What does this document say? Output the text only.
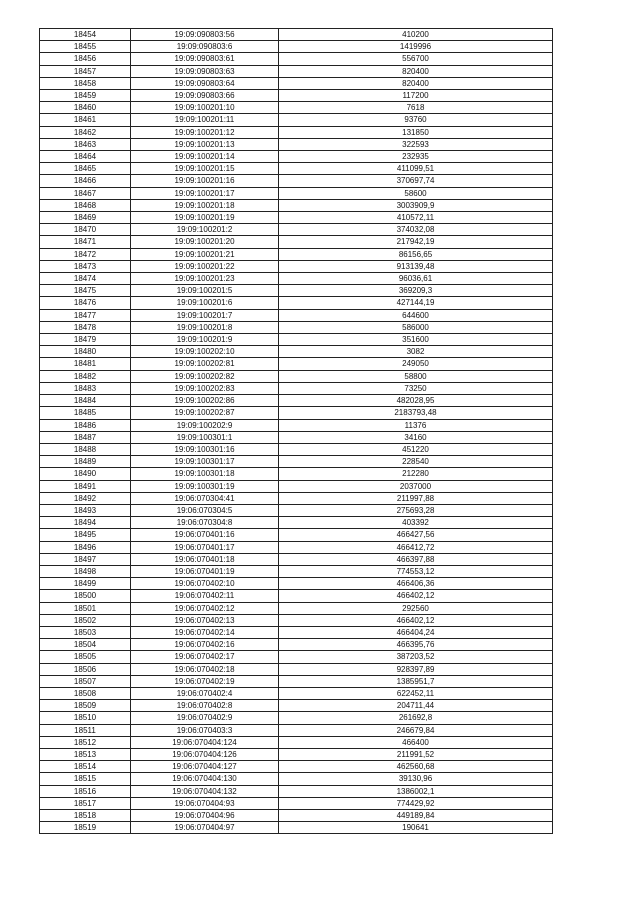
18454	19:09:090803:56	410200
18455	19:09:090803:6	1419996
18456	19:09:090803:61	556700
18457	19:09:090803:63	820400
18458	19:09:090803:64	820400
18459	19:09:090803:66	117200
18460	19:09:100201:10	7618
18461	19:09:100201:11	93760
18462	19:09:100201:12	131850
18463	19:09:100201:13	322593
18464	19:09:100201:14	232935
18465	19:09:100201:15	411099,51
18466	19:09:100201:16	370697,74
18467	19:09:100201:17	58600
18468	19:09:100201:18	3003909,9
18469	19:09:100201:19	410572,11
18470	19:09:100201:2	374032,08
18471	19:09:100201:20	217942,19
18472	19:09:100201:21	86156,65
18473	19:09:100201:22	913139,48
18474	19:09:100201:23	96036,61
18475	19:09:100201:5	369209,3
18476	19:09:100201:6	427144,19
18477	19:09:100201:7	644600
18478	19:09:100201:8	586000
18479	19:09:100201:9	351600
18480	19:09:100202:10	3082
18481	19:09:100202:81	249050
18482	19:09:100202:82	58800
18483	19:09:100202:83	73250
18484	19:09:100202:86	482028,95
18485	19:09:100202:87	2183793,48
18486	19:09:100202:9	11376
18487	19:09:100301:1	34160
18488	19:09:100301:16	451220
18489	19:09:100301:17	228540
18490	19:09:100301:18	212280
18491	19:09:100301:19	2037000
18492	19:06:070304:41	211997,88
18493	19:06:070304:5	275693,28
18494	19:06:070304:8	403392
18495	19:06:070401:16	466427,56
18496	19:06:070401:17	466412,72
18497	19:06:070401:18	466397,88
18498	19:06:070401:19	774553,12
18499	19:06:070402:10	466406,36
18500	19:06:070402:11	466402,12
18501	19:06:070402:12	292560
18502	19:06:070402:13	466402,12
18503	19:06:070402:14	466404,24
18504	19:06:070402:16	466395,76
18505	19:06:070402:17	387203,52
18506	19:06:070402:18	928397,89
18507	19:06:070402:19	1385951,7
18508	19:06:070402:4	622452,11
18509	19:06:070402:8	204711,44
18510	19:06:070402:9	261692,8
18511	19:06:070403:3	246679,84
18512	19:06:070404:124	466400
18513	19:06:070404:126	211991,52
18514	19:06:070404:127	462560,68
18515	19:06:070404:130	39130,96
18516	19:06:070404:132	1386002,1
18517	19:06:070404:93	774429,92
18518	19:06:070404:96	449189,84
18519	19:06:070404:97	190641
